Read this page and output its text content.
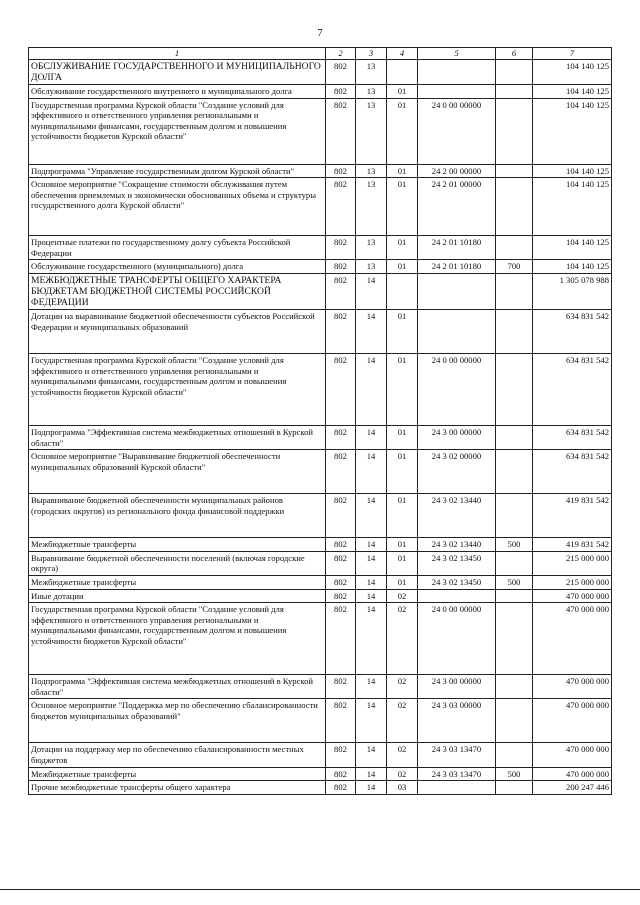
7
1	2	3	4	5	6	7
ОБСЛУЖИВАНИЕ ГОСУДАРСТВЕННОГО И МУНИЦИПАЛЬНОГО ДОЛГА	802	13				104 140 125
Обслуживание государственного внутреннего и муниципального долга	802	13	01			104 140 125
Государственная программа Курской области "Создание условий для эффективного и ответственного управления региональными и муниципальными финансами, государственным долгом и повышения устойчивости бюджетов Курской области"	802	13	01	24 0 00 00000		104 140 125
Подпрограмма "Управление государственным долгом Курской области"	802	13	01	24 2 00 00000		104 140 125
Основное мероприятие "Сокращение стоимости обслуживания путем обеспечения приемлемых и экономически обоснованных объема и структуры государственного долга Курской области"	802	13	01	24 2 01 00000		104 140 125
Процентные платежи по государственному долгу субъекта Российской Федерации	802	13	01	24 2 01 10180		104 140 125
Обслуживание государственного (муниципального) долга	802	13	01	24 2 01 10180	700	104 140 125
МЕЖБЮДЖЕТНЫЕ ТРАНСФЕРТЫ ОБЩЕГО ХАРАКТЕРА БЮДЖЕТАМ БЮДЖЕТНОЙ СИСТЕМЫ РОССИЙСКОЙ ФЕДЕРАЦИИ	802	14				1 305 078 988
Дотации на выравнивание бюджетной обеспеченности субъектов Российской Федерации и муниципальных образований	802	14	01			634 831 542
Государственная программа Курской области "Создание условий для эффективного и ответственного управления региональными и муниципальными финансами, государственным долгом и повышения устойчивости бюджетов Курской области"	802	14	01	24 0 00 00000		634 831 542
Подпрограмма "Эффективная система межбюджетных отношений в Курской области"	802	14	01	24 3 00 00000		634 831 542
Основное мероприятие "Выравнивание бюджетной обеспеченности муниципальных образований Курской области"	802	14	01	24 3 02 00000		634 831 542
Выравнивание бюджетной обеспеченности муниципальных районов (городских округов) из регионального фонда финансовой поддержки	802	14	01	24 3 02 13440		419 831 542
Межбюджетные трансферты	802	14	01	24 3 02 13440	500	419 831 542
Выравнивание бюджетной обеспеченности поселений (включая городские округа)	802	14	01	24 3 02 13450		215 000 000
Межбюджетные трансферты	802	14	01	24 3 02 13450	500	215 000 000
Иные дотации	802	14	02			470 000 000
Государственная программа Курской области "Создание условий для эффективного и ответственного управления региональными и муниципальными финансами, государственным долгом и повышения устойчивости бюджетов Курской области"	802	14	02	24 0 00 00000		470 000 000
Подпрограмма "Эффективная система межбюджетных отношений в Курской области"	802	14	02	24 3 00 00000		470 000 000
Основное мероприятие "Поддержка мер по обеспечению сбалансированности бюджетов муниципальных образований"	802	14	02	24 3 03 00000		470 000 000
Дотации на поддержку мер по обеспечению сбалансированности местных бюджетов	802	14	02	24 3 03 13470		470 000 000
Межбюджетные трансферты	802	14	02	24 3 03 13470	500	470 000 000
Прочие межбюджетные трансферты общего характера	802	14	03			200 247 446
